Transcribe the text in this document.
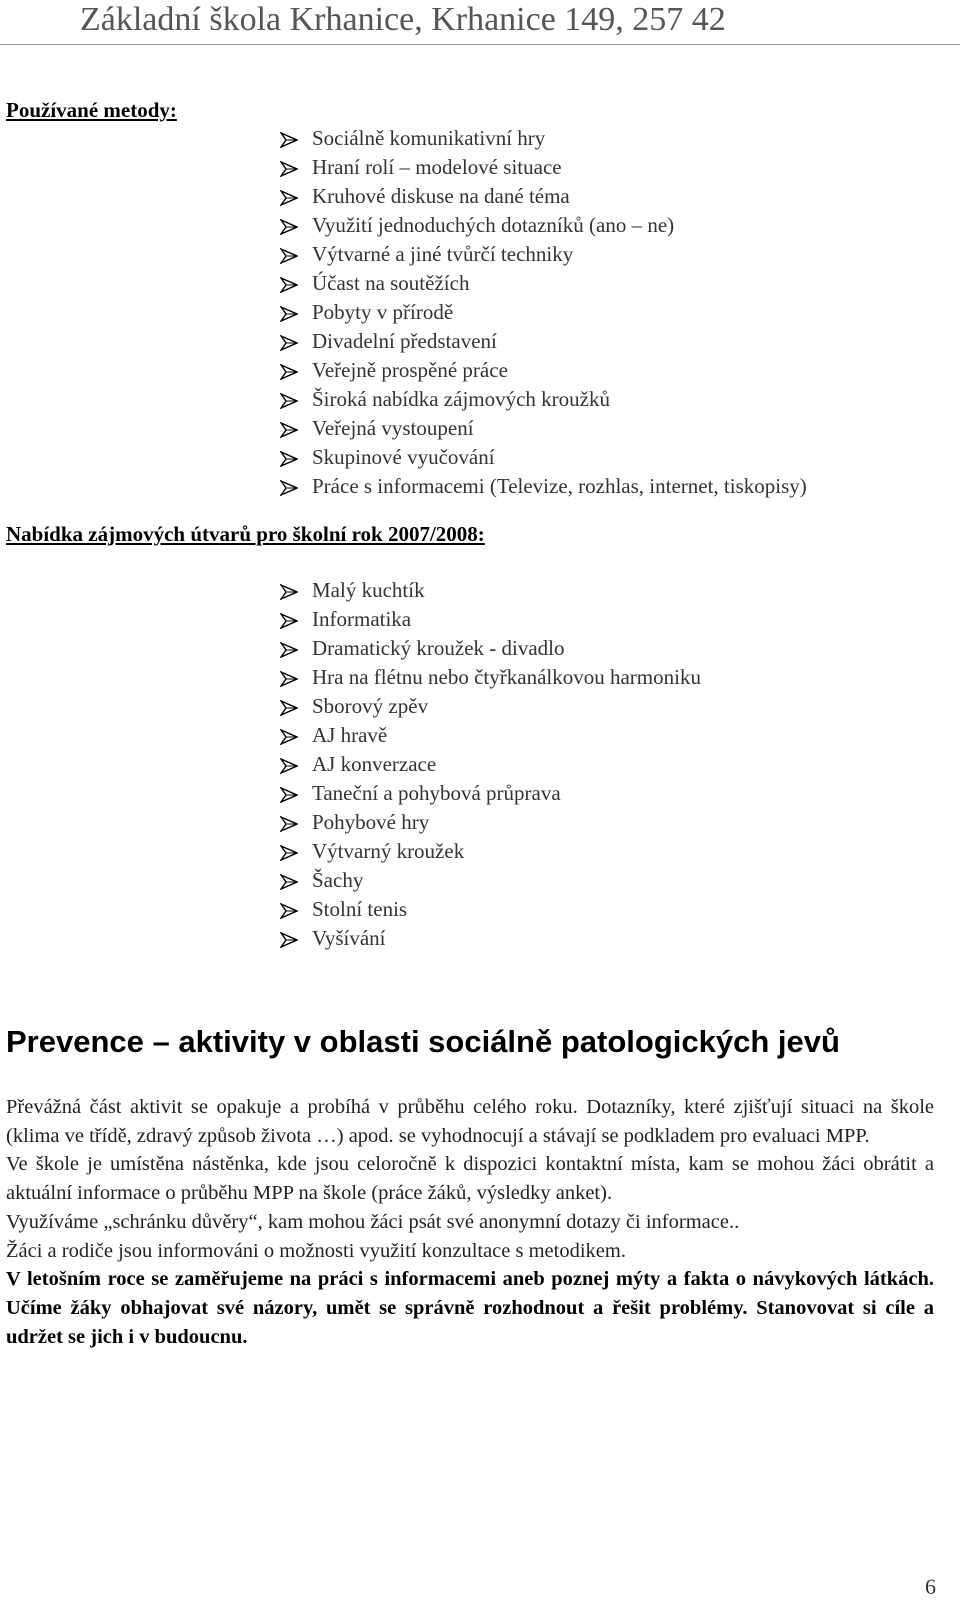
Základní škola Krhanice, Krhanice 149, 257 42
Používané metody:
Sociálně komunikativní hry
Hraní rolí – modelové situace
Kruhové diskuse na dané téma
Využití jednoduchých dotazníků (ano – ne)
Výtvarné a jiné tvůrčí techniky
Účast na soutěžích
Pobyty v přírodě
Divadelní představení
Veřejně prospěné práce
Široká nabídka zájmových kroužků
Veřejná vystoupení
Skupinové vyučování
Práce s informacemi (Televize, rozhlas, internet, tiskopisy)
Nabídka zájmových útvarů pro školní rok 2007/2008:
Malý kuchtík
Informatika
Dramatický kroužek - divadlo
Hra na flétnu nebo čtyřkanálkovou harmoniku
Sborový zpěv
AJ hravě
AJ konverzace
Taneční a pohybová průprava
Pohybové hry
Výtvarný kroužek
Šachy
Stolní tenis
Vyšívání
Prevence – aktivity v oblasti sociálně patologických jevů

Převážná část aktivit se opakuje a probíhá v průběhu celého roku. Dotazníky, které zjišťují situaci na škole (klima ve třídě, zdravý způsob života …) apod. se vyhodnocují a stávají se podkladem pro evaluaci MPP.

Ve škole je umístěna nástěnka, kde jsou celoročně k dispozici kontaktní místa, kam se mohou žáci obrátit a aktuální informace o průběhu MPP na škole (práce žáků, výsledky anket).

Využíváme „schránku důvěry“, kam mohou žáci psát své anonymní dotazy či informace..

Žáci a rodiče jsou informováni o možnosti využití konzultace s metodikem.

V letošním roce se zaměřujeme na práci s informacemi aneb poznej mýty a fakta o návykových látkách. Učíme žáky obhajovat své názory, umět se správně rozhodnout a řešit problémy. Stanovovat si cíle a udržet se jich i v budoucnu.

6
